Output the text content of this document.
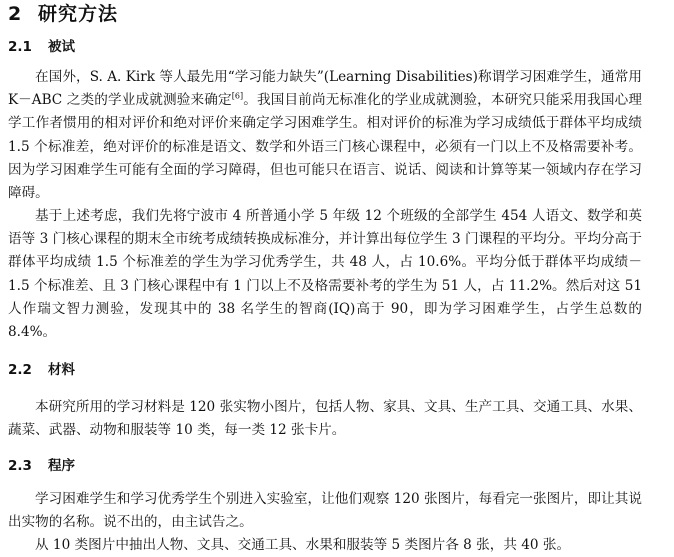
2 研究方法
2.1 被试

在国外，S. A. Kirk 等人最先用“学习能力缺失”(Learning Disabilities)称谓学习困难学生，通常用 K－ABC 之类的学业成就测验来确定[6]。我国目前尚无标准化的学业成就测验，本研究只能采用我国心理学工作者惯用的相对评价和绝对评价来确定学习困难学生。相对评价的标准为学习成绩低于群体平均成绩 1.5 个标准差，绝对评价的标准是语文、数学和外语三门核心课程中，必须有一门以上不及格需要补考。因为学习困难学生可能有全面的学习障碍，但也可能只在语言、说话、阅读和计算等某一领域内存在学习障碍。

基于上述考虑，我们先将宁波市 4 所普通小学 5 年级 12 个班级的全部学生 454 人语文、数学和英语等 3 门核心课程的期末全市统考成绩转换成标准分，并计算出每位学生 3 门课程的平均分。平均分高于群体平均成绩 1.5 个标准差的学生为学习优秀学生，共 48 人，占 10.6%。平均分低于群体平均成绩－1.5 个标准差、且 3 门核心课程中有 1 门以上不及格需要补考的学生为 51 人，占 11.2%。然后对这 51 人作瑞文智力测验，发现其中的 38 名学生的智商(IQ)高于 90，即为学习困难学生，占学生总数的 8.4%。

2.2 材料

本研究所用的学习材料是 120 张实物小图片，包括人物、家具、文具、生产工具、交通工具、水果、蔬菜、武器、动物和服装等 10 类，每一类 12 张卡片。

2.3 程序

学习困难学生和学习优秀学生个别进入实验室，让他们观察 120 张图片，每看完一张图片，即让其说出实物的名称。说不出的，由主试告之。

从 10 类图片中抽出人物、文具、交通工具、水果和服装等 5 类图片各 8 张，共 40 张。
